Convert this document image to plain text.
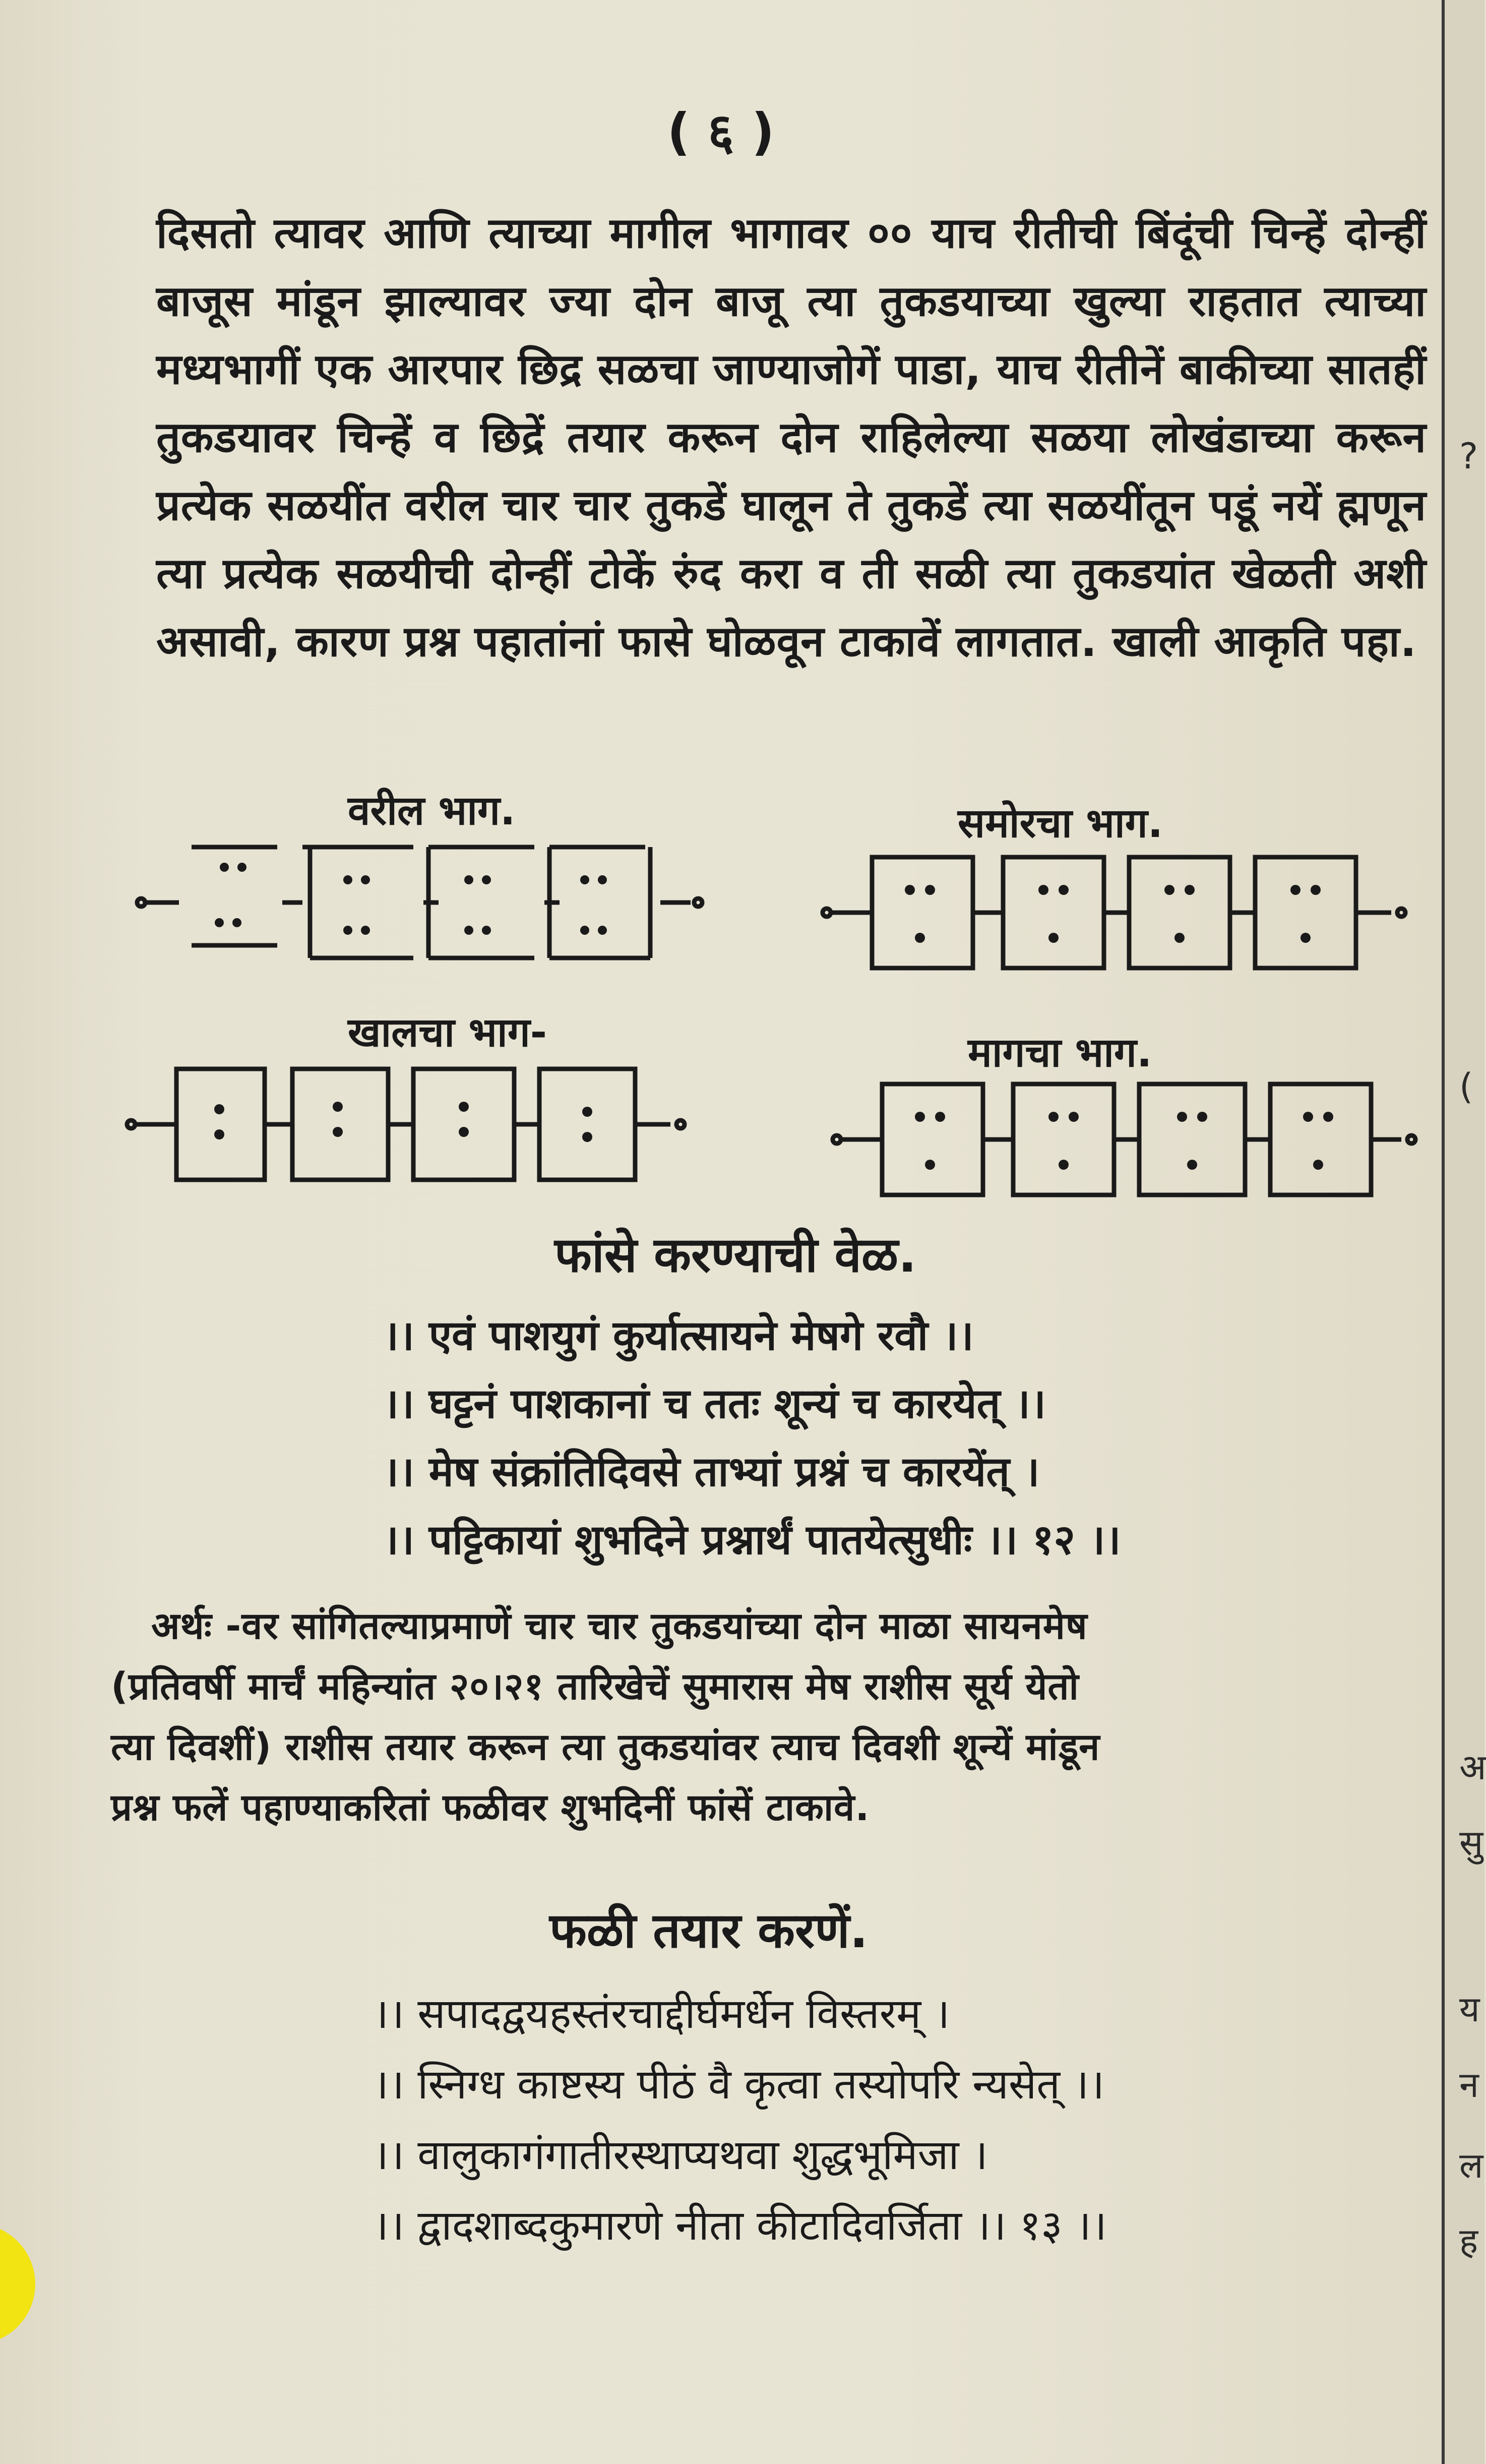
( ६ )
दिसतो त्यावर आणि त्याच्या मागील भागावर ०० याच रीतीची बिंदूंची चिन्हें दोन्हीं बाजूस मांडून झाल्यावर ज्या दोन बाजू त्या तुकडयाच्या खुल्या राहतात त्याच्या मध्यभागीं एक आरपार छिद्र सळचा जाण्याजोगें पाडा, याच रीतीनें बाकीच्या सातहीं तुकडयावर चिन्हें व छिद्रें तयार करून दोन राहिलेल्या सळया लोखंडाच्या करून प्रत्येक सळयींत वरील चार चार तुकडें घालून ते तुकडें त्या सळयींतून पडूं नयें ह्मणून त्या प्रत्येक सळयीची दोन्हीं टोकें रुंद करा व ती सळी त्या तुकडयांत खेळती अशी असावी, कारण प्रश्न पहातांनां फासे घोळवून टाकावें लागतात. खाली आकृति पहा.
वरील भाग.	समोरचा भाग.
खालचा भाग-	मागचा भाग.
फांसे करण्याची वेळ.
।। एवं पाशयुगं कुर्यात्सायने मेषगे रवौ ।।
।। घट्टनं पाशकानां च ततः शून्यं च कारयेत् ।।
।। मेष संक्रांतिदिवसे ताभ्यां प्रश्नं च कारयेंत् ।
।। पट्टिकायां शुभदिने प्रश्नार्थं पातयेत्सुधीः ।। १२ ।।
अर्थः -वर सांगितल्याप्रमाणें चार चार तुकडयांच्या दोन माळा सायनमेष
(प्रतिवर्षी मार्चं महिन्यांत २०।२१ तारिखेचें सुमारास मेष राशीस सूर्य येतो
त्या दिवशीं) राशीस तयार करून त्या तुकडयांवर त्याच दिवशी शून्यें मांडून
प्रश्न फलें पहाण्याकरितां फळीवर शुभदिनीं फांसें टाकावे.
फळी तयार करणें.
।। सपादद्वयहस्तंरचाद्दीर्घमर्धेन विस्तरम् ।
।। स्निग्ध काष्टस्य पीठं वै कृत्वा तस्योपरि न्यसेत् ।।
।। वालुकागंगातीरस्थाप्यथवा शुद्धभूमिजा ।
।। द्वादशाब्दकुमारणे नीता कीटादिवर्जिता ।। १३ ।।
?
(
अ
सु
य
न
ल
ह
